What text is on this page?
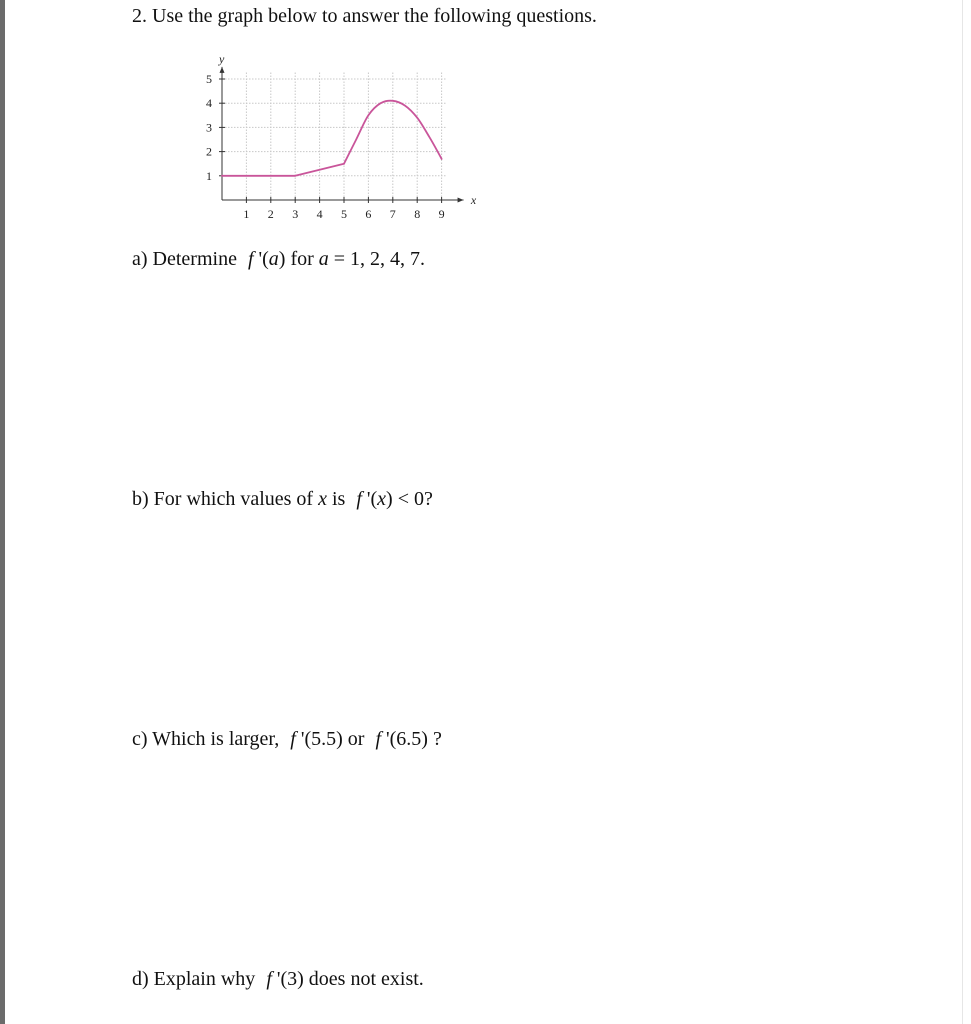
2. Use the graph below to answer the following questions.
x
y
1 2 3 4 5 6 7 8 9
1
2
3
4
5
a) Determine f '(a) for a = 1, 2, 4, 7.
b) For which values of x is f '(x) < 0?
c) Which is larger, f '(5.5) or f '(6.5) ?
d) Explain why f '(3) does not exist.
